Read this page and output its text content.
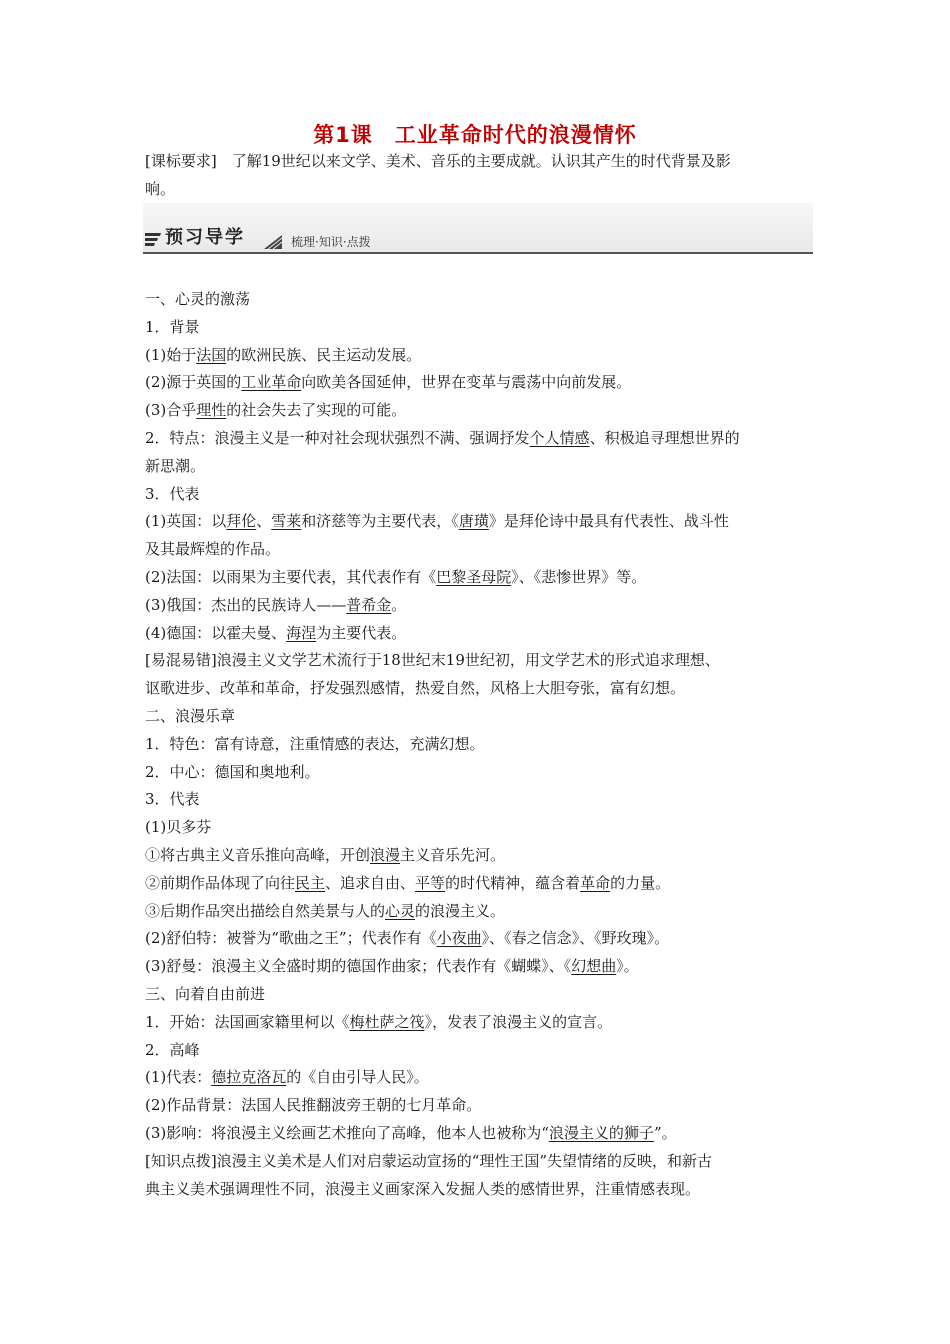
第1课　工业革命时代的浪漫情怀
[课标要求]　了解19世纪以来文学、美术、音乐的主要成就。认识其产生的时代背景及影
响。
预习导学	梳理·知识·点拨

一、心灵的激荡

1．背景

(1)始于法国的欧洲民族、民主运动发展。

(2)源于英国的工业革命向欧美各国延伸，世界在变革与震荡中向前发展。

(3)合乎理性的社会失去了实现的可能。

2．特点：浪漫主义是一种对社会现状强烈不满、强调抒发个人情感、积极追寻理想世界的

新思潮。

3．代表

(1)英国：以拜伦、雪莱和济慈等为主要代表，《唐璜》是拜伦诗中最具有代表性、战斗性

及其最辉煌的作品。

(2)法国：以雨果为主要代表，其代表作有《巴黎圣母院》、《悲惨世界》等。

(3)俄国：杰出的民族诗人——普希金。

(4)德国：以霍夫曼、海涅为主要代表。

[易混易错]浪漫主义文学艺术流行于18世纪末19世纪初，用文学艺术的形式追求理想、

讴歌进步、改革和革命，抒发强烈感情，热爱自然，风格上大胆夸张，富有幻想。

二、浪漫乐章

1．特色：富有诗意，注重情感的表达，充满幻想。

2．中心：德国和奥地利。

3．代表

(1)贝多芬

①将古典主义音乐推向高峰，开创浪漫主义音乐先河。

②前期作品体现了向往民主、追求自由、平等的时代精神，蕴含着革命的力量。

③后期作品突出描绘自然美景与人的心灵的浪漫主义。

(2)舒伯特：被誉为“歌曲之王”；代表作有《小夜曲》、《春之信念》、《野玫瑰》。

(3)舒曼：浪漫主义全盛时期的德国作曲家；代表作有《蝴蝶》、《幻想曲》。

三、向着自由前进

1．开始：法国画家籍里柯以《梅杜萨之筏》，发表了浪漫主义的宣言。

2．高峰

(1)代表：德拉克洛瓦的《自由引导人民》。

(2)作品背景：法国人民推翻波旁王朝的七月革命。

(3)影响：将浪漫主义绘画艺术推向了高峰，他本人也被称为“浪漫主义的狮子”。

[知识点拨]浪漫主义美术是人们对启蒙运动宣扬的“理性王国”失望情绪的反映，和新古

典主义美术强调理性不同，浪漫主义画家深入发掘人类的感情世界，注重情感表现。
